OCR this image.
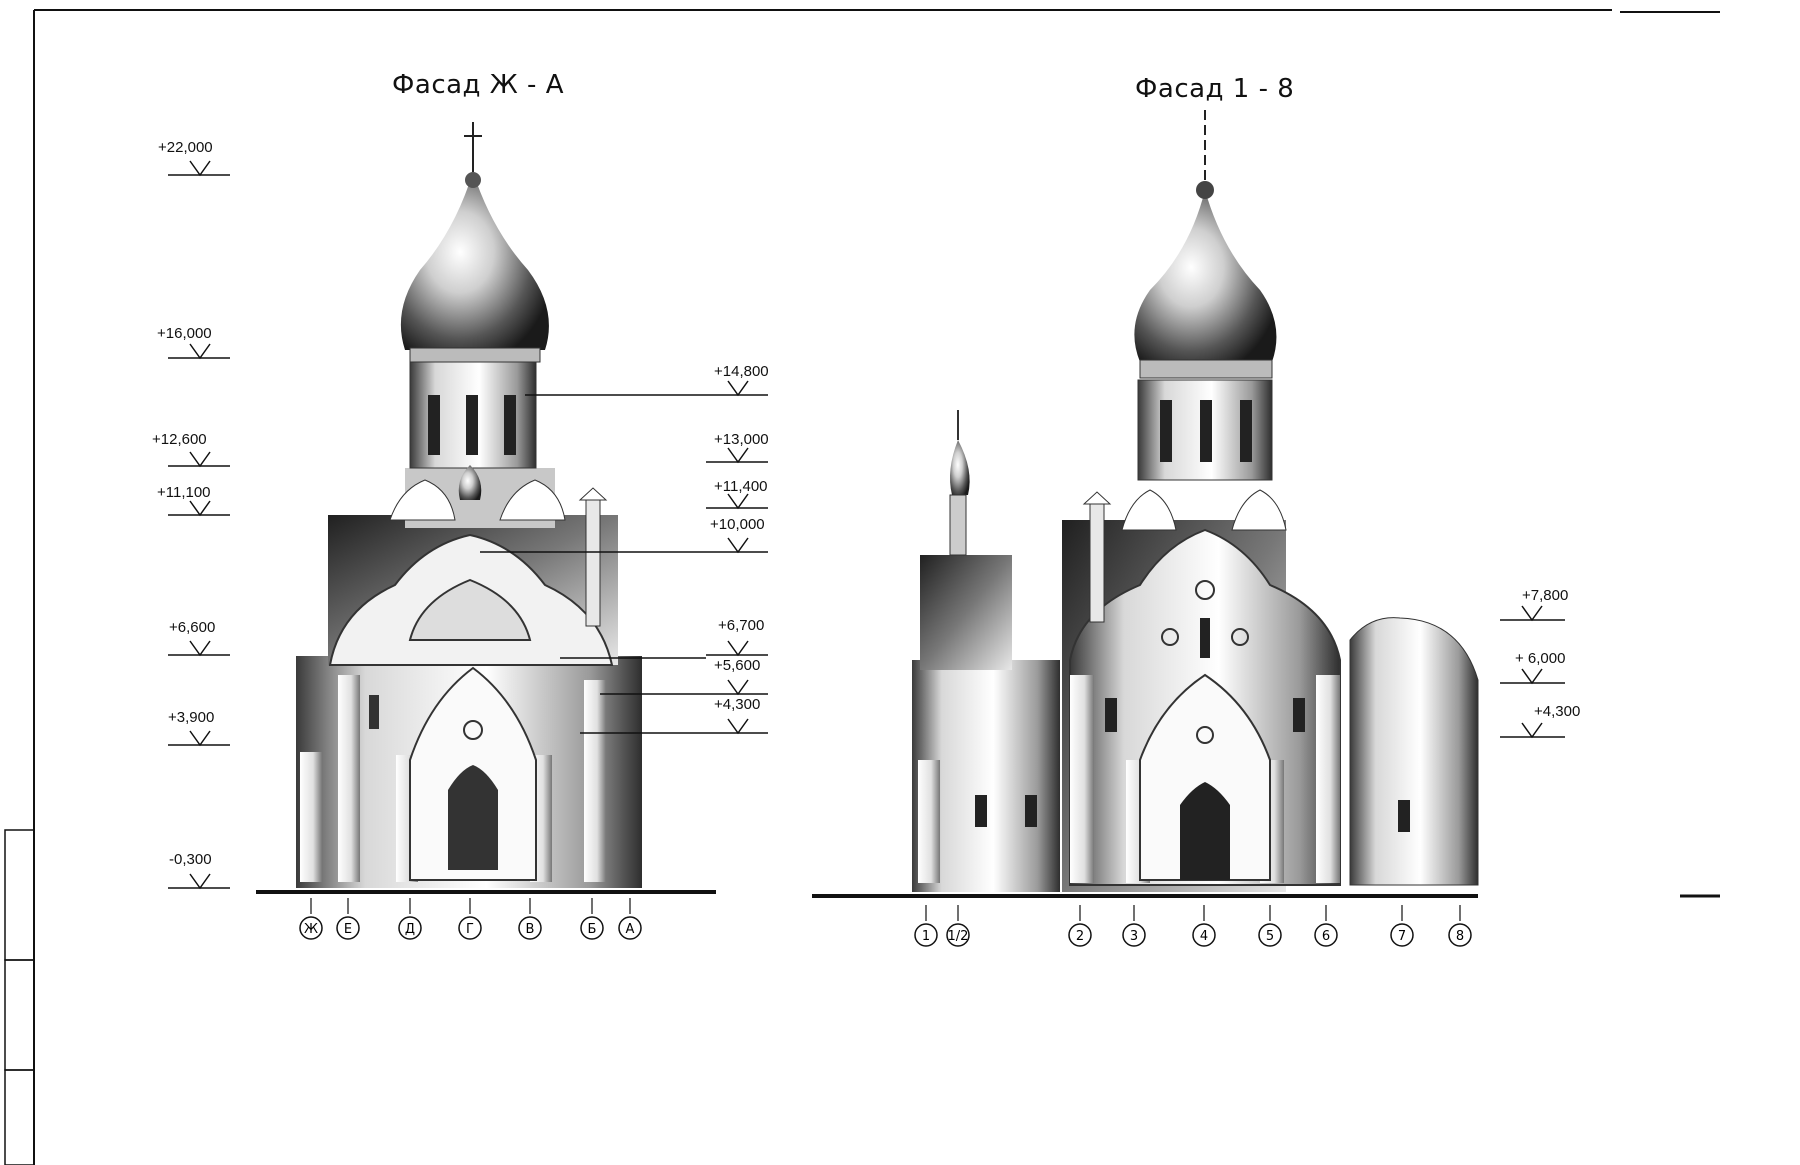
Фасад Ж - А	Фасад 1 - 8
+22,000
+16,000
+12,600
+11,100
+6,600
+3,900
-0,300
+14,800
+13,000
+11,400
+10,000
+6,700
+5,600
+4,300
+7,800
+ 6,000
+4,300
Ж Е	Д	Г	В	Б А	1 1/2	2	3	4	5	6	7	8
